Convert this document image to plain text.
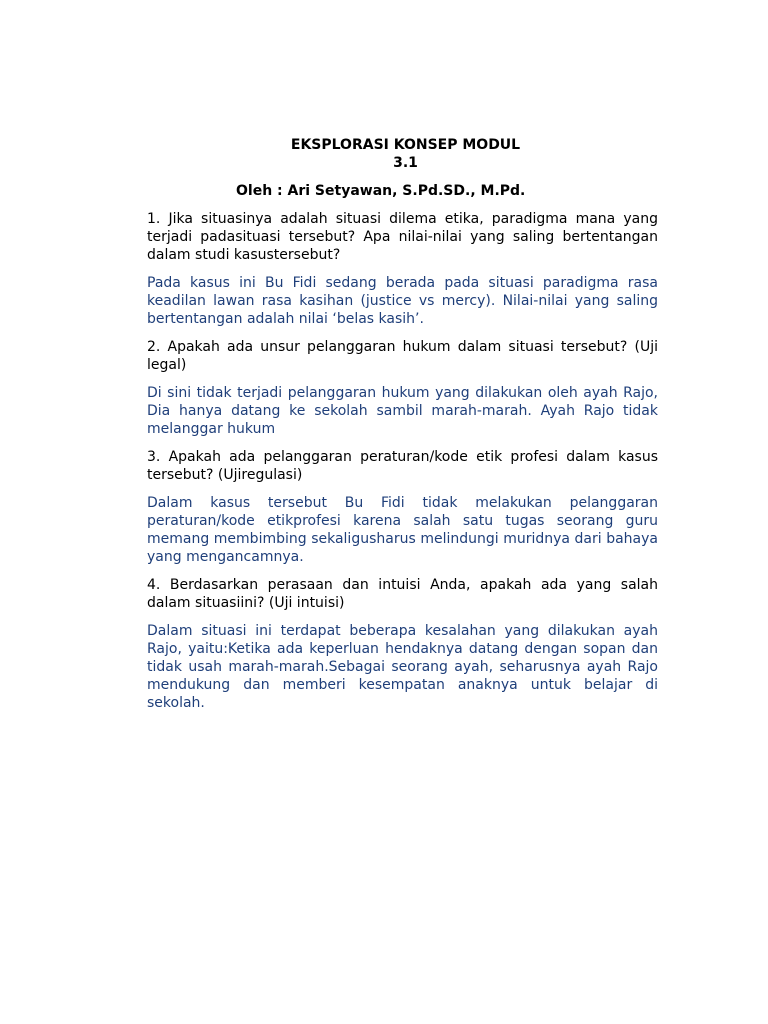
EKSPLORASI KONSEP MODUL
3.1
Oleh : Ari Setyawan, S.Pd.SD., M.Pd.

1. Jika situasinya adalah situasi dilema etika, paradigma mana yang terjadi padasituasi tersebut? Apa nilai-nilai yang saling bertentangan dalam studi kasustersebut?

Pada kasus ini Bu Fidi sedang berada pada situasi paradigma rasa keadilan lawan rasa kasihan (justice vs mercy). Nilai-nilai yang saling bertentangan adalah nilai ‘belas kasih’.

2. Apakah ada unsur pelanggaran hukum dalam situasi tersebut? (Uji legal)

Di sini tidak terjadi pelanggaran hukum yang dilakukan oleh ayah Rajo, Dia hanya datang ke sekolah sambil marah-marah. Ayah Rajo tidak melanggar hukum

3. Apakah ada pelanggaran peraturan/kode etik profesi dalam kasus tersebut? (Ujiregulasi)

Dalam kasus tersebut Bu Fidi tidak melakukan pelanggaran peraturan/kode etikprofesi karena salah satu tugas seorang guru memang membimbing sekaligusharus melindungi muridnya dari bahaya yang mengancamnya.

4. Berdasarkan perasaan dan intuisi Anda, apakah ada yang salah dalam situasiini? (Uji intuisi)

Dalam situasi ini terdapat beberapa kesalahan yang dilakukan ayah Rajo, yaitu:Ketika ada keperluan hendaknya datang dengan sopan dan tidak usah marah-marah.Sebagai seorang ayah, seharusnya ayah Rajo mendukung dan memberi kesempatan anaknya untuk belajar di sekolah.
